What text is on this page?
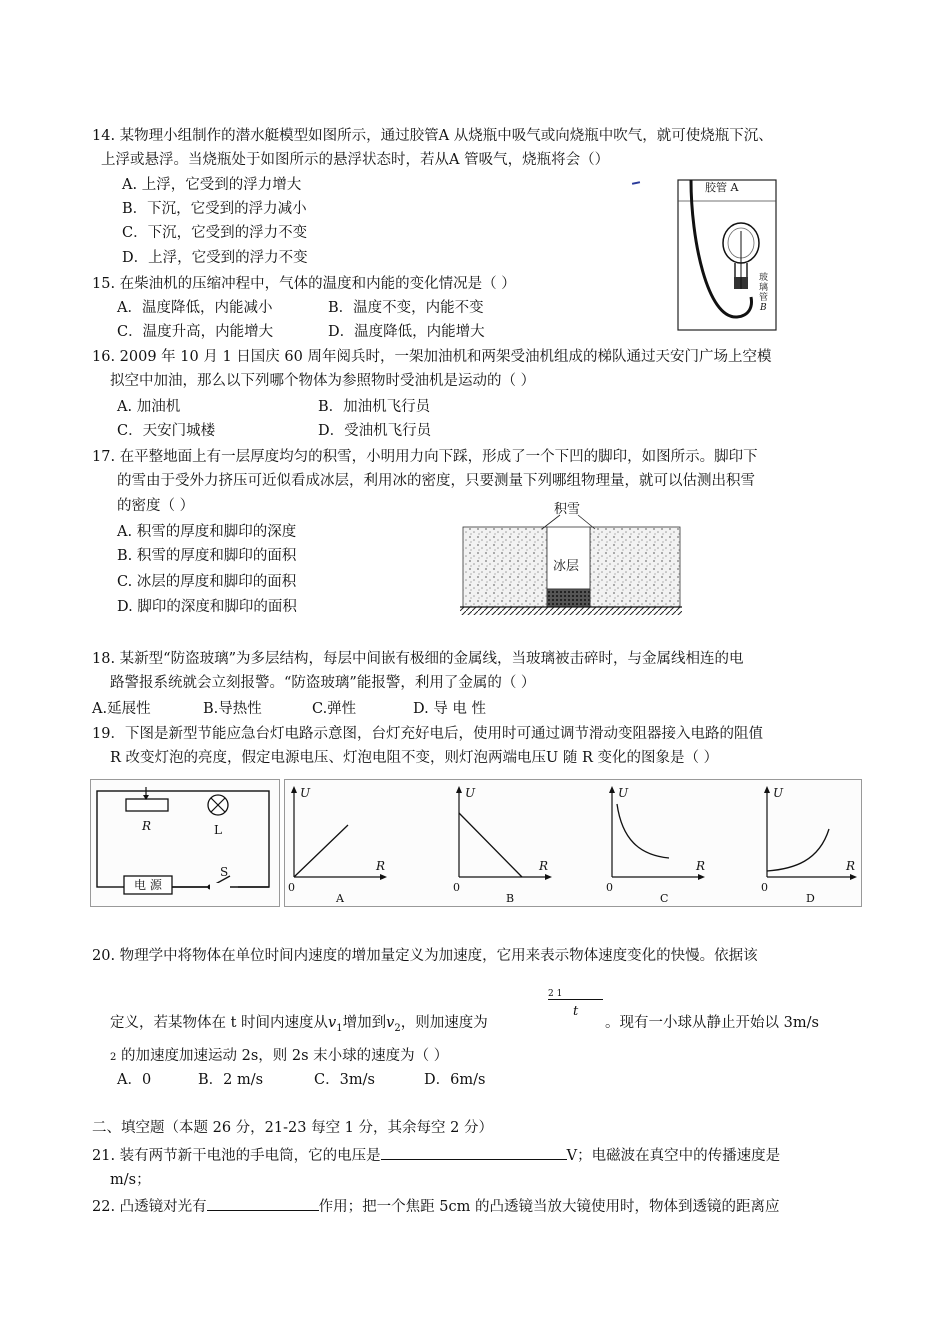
14. 某物理小组制作的潜水艇模型如图所示，通过胶管A 从烧瓶中吸气或向烧瓶中吹气，就可使烧瓶下沉、
上浮或悬浮。当烧瓶处于如图所示的悬浮状态时，若从A 管吸气，烧瓶将会（）
A. 上浮，它受到的浮力增大
B．下沉，它受到的浮力减小
C．下沉，它受到的浮力不变
D．上浮，它受到的浮力不变
胶管 A
玻
璃
管
B
15. 在柴油机的压缩冲程中，气体的温度和内能的变化情况是（ ）
A．温度降低，内能减小	B．温度不变，内能不变
C．温度升高，内能增大	D．温度降低，内能增大
16. 2009 年 10 月 1 日国庆 60 周年阅兵时，一架加油机和两架受油机组成的梯队通过天安门广场上空模
拟空中加油，那么以下列哪个物体为参照物时受油机是运动的（ ）
A. 加油机	B．加油机飞行员
C．天安门城楼	D．受油机飞行员
17. 在平整地面上有一层厚度均匀的积雪，小明用力向下踩，形成了一个下凹的脚印，如图所示。脚印下
的雪由于受外力挤压可近似看成冰层，利用冰的密度，只要测量下列哪组物理量，就可以估测出积雪
的密度（ ）
A. 积雪的厚度和脚印的深度
B. 积雪的厚度和脚印的面积
C. 冰层的厚度和脚印的面积
D. 脚印的深度和脚印的面积
积雪
冰层
18. 某新型“防盗玻璃”为多层结构，每层中间嵌有极细的金属线，当玻璃被击碎时，与金属线相连的电
路警报系统就会立刻报警。“防盗玻璃”能报警，利用了金属的（ ）
A.延展性	B.导热性	C.弹性	D. 导 电 性
19．下图是新型节能应急台灯电路示意图，台灯充好电后，使用时可通过调节滑动变阻器接入电路的阻值
R 改变灯泡的亮度，假定电源电压、灯泡电阻不变，则灯泡两端电压U 随 R 变化的图象是（ ）
R	L
S
电 源
U
R
0
A
U
R
0
B
U
R
0
C
U
R
0
D
20. 物理学中将物体在单位时间内速度的增加量定义为加速度，它用来表示物体速度变化的快慢。依据该
2 1
t
定义，若某物体在 t 时间内速度从$v_1$增加到$v_2$，则加速度为	。现有一小球从静止开始以 3m/s
2 的加速度加速运动 2s，则 2s 末小球的速度为（ ）
A．0	B．2 m/s	C．3m/s	D．6m/s
二、填空题（本题 26 分，21-23 每空 1 分，其余每空 2 分）
21. 装有两节新干电池的手电筒，它的电压是	V；电磁波在真空中的传播速度是
m/s；
22. 凸透镜对光有	作用；把一个焦距 5cm 的凸透镜当放大镜使用时，物体到透镜的距离应
